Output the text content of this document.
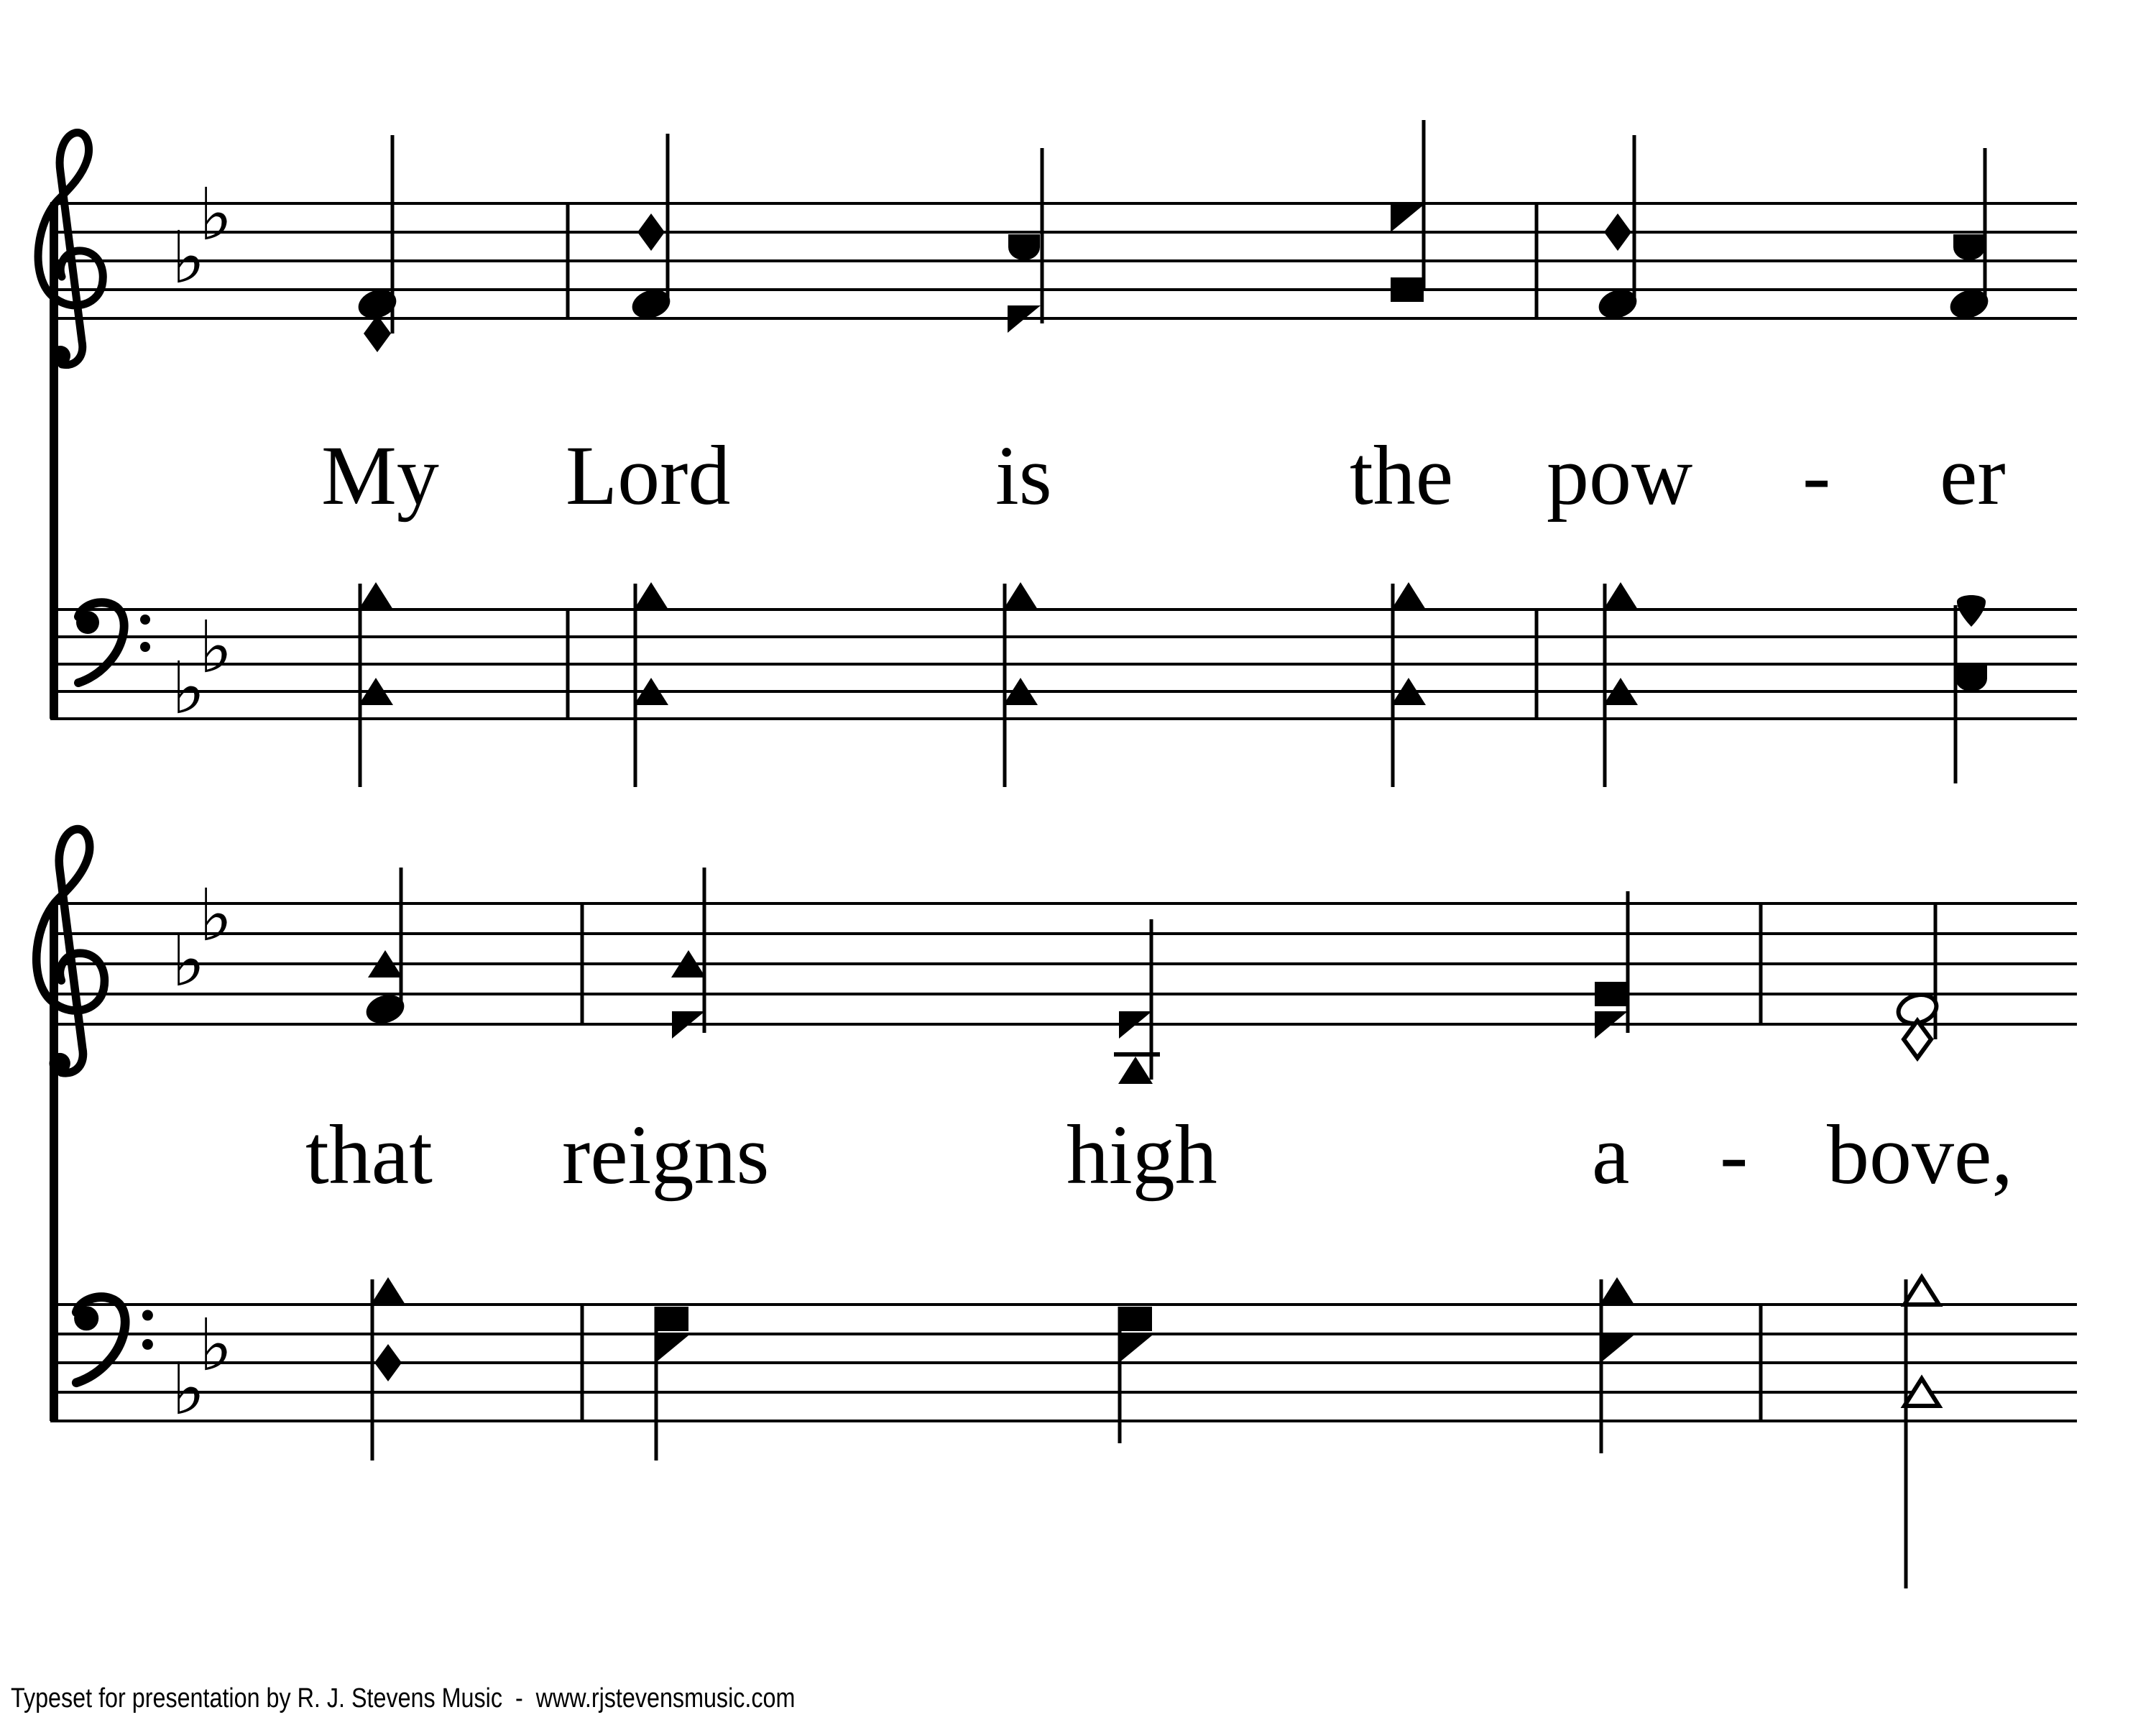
♭
♭
♭
♭
♭
♭
♭
♭
My Lord	is	the pow - er
that reigns	high	a - bove,
Typeset for presentation by R. J. Stevens Music  -  www.rjstevensmusic.com
